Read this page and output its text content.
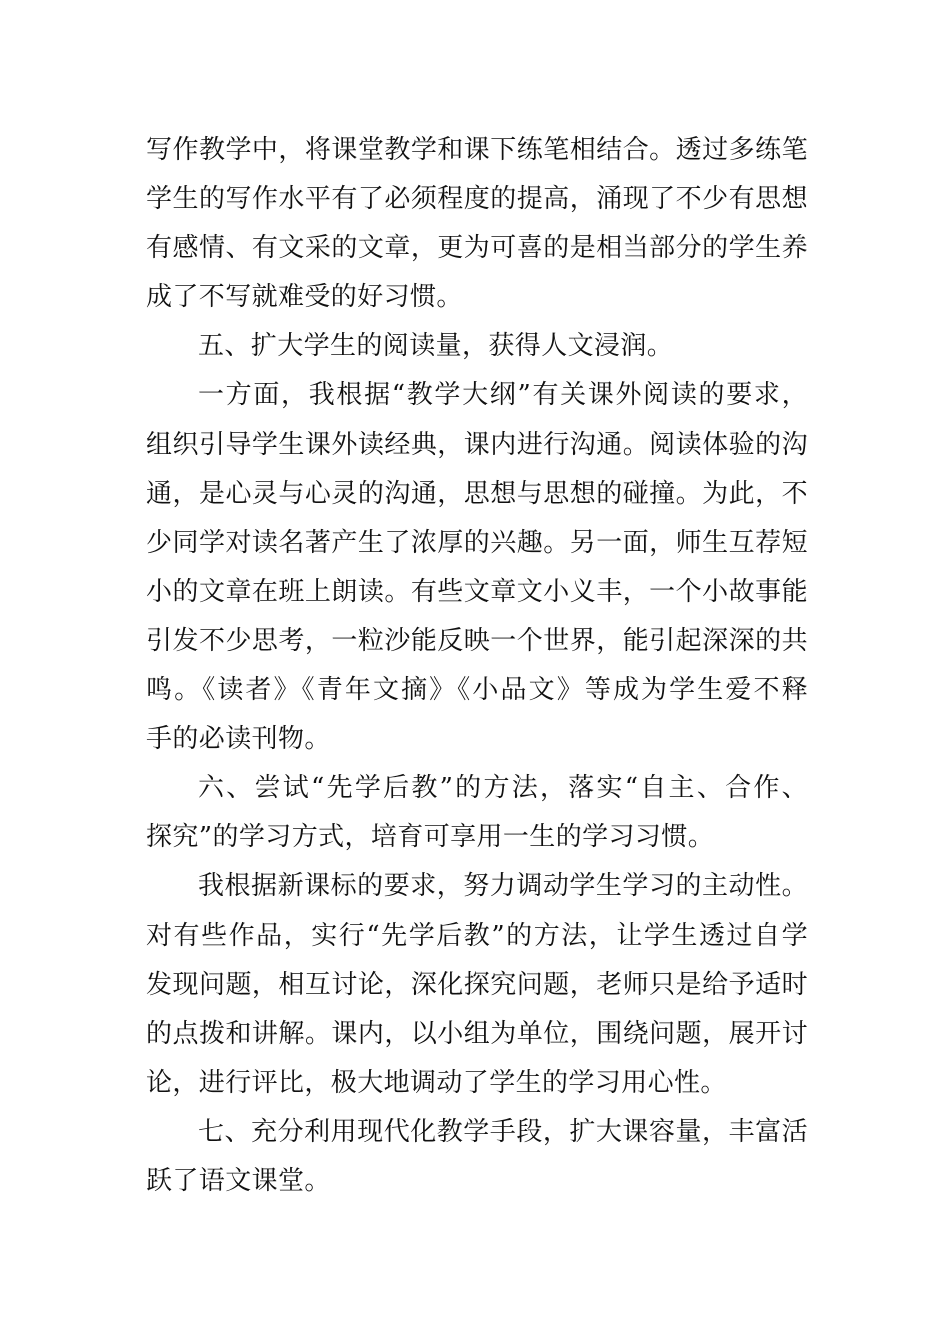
写作教学中，将课堂教学和课下练笔相结合。透过多练笔
学生的写作水平有了必须程度的提高，涌现了不少有思想
有感情、有文采的文章，更为可喜的是相当部分的学生养
成了不写就难受的好习惯。
五、扩大学生的阅读量，获得人文浸润。
一方面，我根据“教学大纲”有关课外阅读的要求，
组织引导学生课外读经典，课内进行沟通。阅读体验的沟
通，是心灵与心灵的沟通，思想与思想的碰撞。为此，不
少同学对读名著产生了浓厚的兴趣。另一面，师生互荐短
小的文章在班上朗读。有些文章文小义丰，一个小故事能
引发不少思考，一粒沙能反映一个世界，能引起深深的共
鸣。《读者》《青年文摘》《小品文》等成为学生爱不释
手的必读刊物。
六、尝试“先学后教”的方法，落实“自主、合作、
探究”的学习方式，培育可享用一生的学习习惯。
我根据新课标的要求，努力调动学生学习的主动性。
对有些作品，实行“先学后教”的方法，让学生透过自学
发现问题，相互讨论，深化探究问题，老师只是给予适时
的点拨和讲解。课内，以小组为单位，围绕问题，展开讨
论，进行评比，极大地调动了学生的学习用心性。
七、充分利用现代化教学手段，扩大课容量，丰富活
跃了语文课堂。
